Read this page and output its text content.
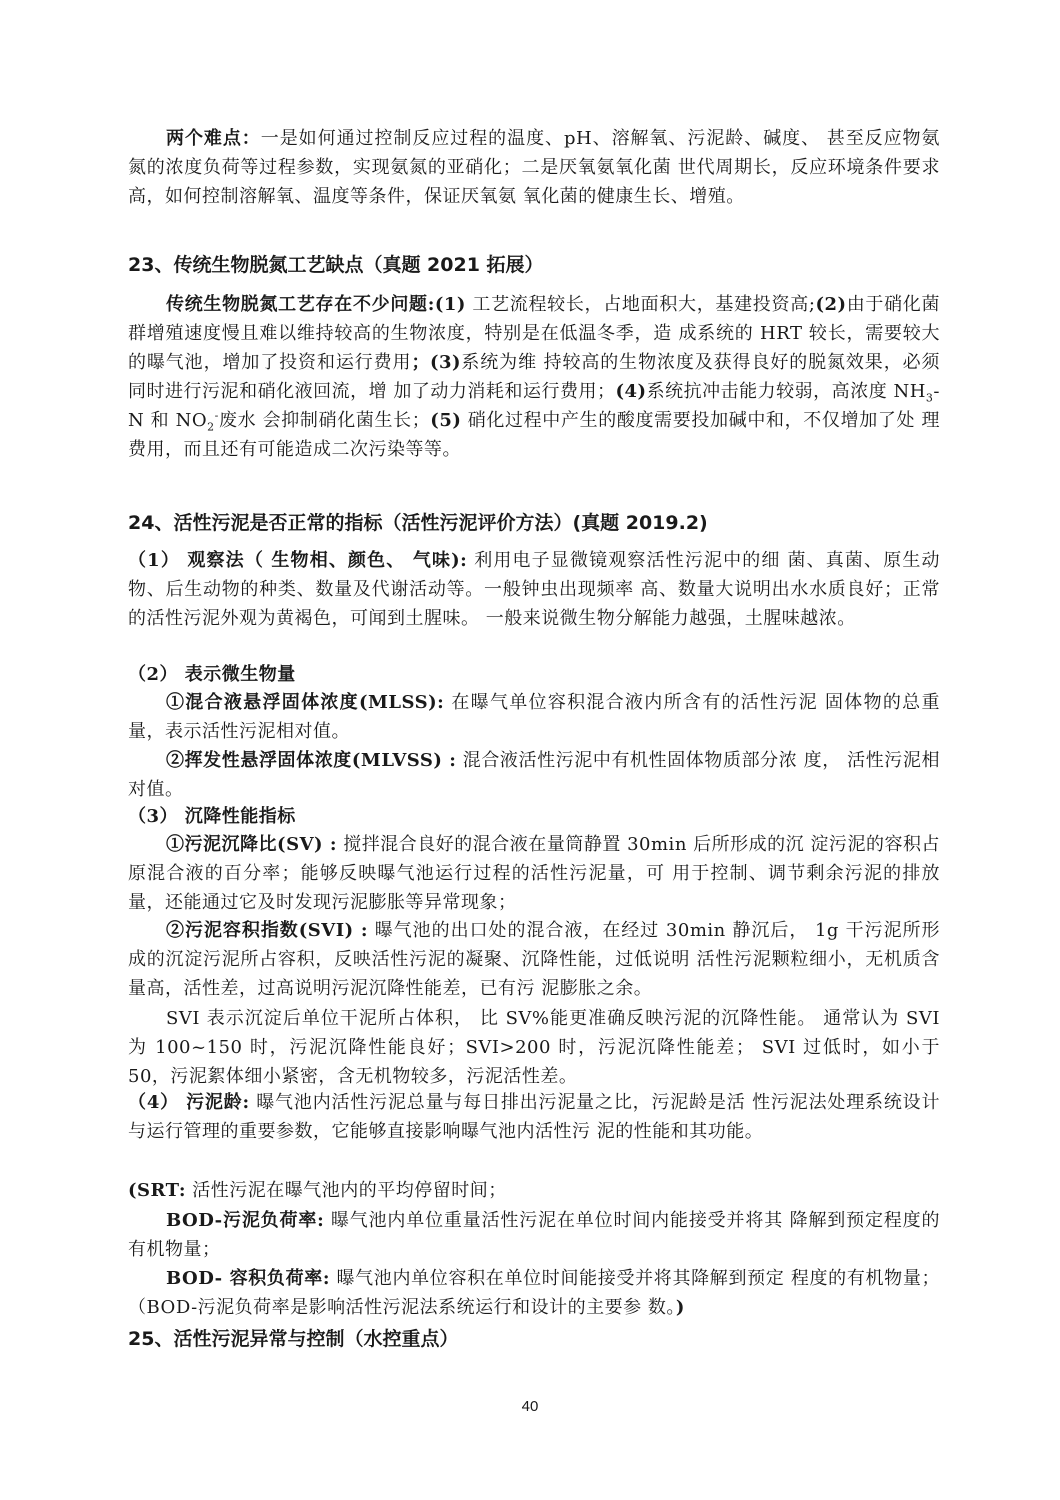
两个难点：一是如何通过控制反应过程的温度、pH、溶解氧、污泥龄、碱度、 甚至反应物氨氮的浓度负荷等过程参数，实现氨氮的亚硝化；二是厌氧氨氧化菌 世代周期长，反应环境条件要求高，如何控制溶解氧、温度等条件，保证厌氧氨 氧化菌的健康生长、增殖。
23、传统生物脱氮工艺缺点（真题 2021 拓展）
传统生物脱氮工艺存在不少问题:(1) 工艺流程较长，占地面积大，基建投资高;(2)由于硝化菌群增殖速度慢且难以维持较高的生物浓度，特别是在低温冬季，造 成系统的 HRT 较长，需要较大的曝气池，增加了投资和运行费用；(3)系统为维 持较高的生物浓度及获得良好的脱氮效果，必须同时进行污泥和硝化液回流，增 加了动力消耗和运行费用；(4)系统抗冲击能力较弱，高浓度 $NH_3-N$ 和 $NO_2^-$废水 会抑制硝化菌生长；(5) 硝化过程中产生的酸度需要投加碱中和，不仅增加了处 理费用，而且还有可能造成二次污染等等。
24、活性污泥是否正常的指标（活性污泥评价方法）(真题 2019.2)
（1） 观察法（ 生物相、颜色、 气味): 利用电子显微镜观察活性污泥中的细 菌、真菌、原生动物、后生动物的种类、数量及代谢活动等。一般钟虫出现频率 高、数量大说明出水水质良好；正常的活性污泥外观为黄褐色，可闻到土腥味。 一般来说微生物分解能力越强，土腥味越浓。
（2） 表示微生物量
①混合液悬浮固体浓度(MLSS): 在曝气单位容积混合液内所含有的活性污泥 固体物的总重量，表示活性污泥相对值。
②挥发性悬浮固体浓度(MLVSS) : 混合液活性污泥中有机性固体物质部分浓 度， 活性污泥相对值。
（3） 沉降性能指标
①污泥沉降比(SV) : 搅拌混合良好的混合液在量筒静置 30min 后所形成的沉 淀污泥的容积占原混合液的百分率；能够反映曝气池运行过程的活性污泥量，可 用于控制、调节剩余污泥的排放量，还能通过它及时发现污泥膨胀等异常现象；
②污泥容积指数(SVI) : 曝气池的出口处的混合液，在经过 30min 静沉后， 1g 干污泥所形成的沉淀污泥所占容积，反映活性污泥的凝聚、沉降性能，过低说明 活性污泥颗粒细小，无机质含量高，活性差，过高说明污泥沉降性能差，已有污 泥膨胀之余。
SVI 表示沉淀后单位干泥所占体积， 比 SV%能更准确反映污泥的沉降性能。 通常认为 SVI 为 100~150 时，污泥沉降性能良好；SVI>200 时，污泥沉降性能差； SVI 过低时，如小于 50，污泥絮体细小紧密，含无机物较多，污泥活性差。
（4） 污泥龄: 曝气池内活性污泥总量与每日排出污泥量之比，污泥龄是活 性污泥法处理系统设计与运行管理的重要参数，它能够直接影响曝气池内活性污 泥的性能和其功能。
(SRT: 活性污泥在曝气池内的平均停留时间；
BOD-污泥负荷率: 曝气池内单位重量活性污泥在单位时间内能接受并将其 降解到预定程度的有机物量；
BOD- 容积负荷率: 曝气池内单位容积在单位时间能接受并将其降解到预定 程度的有机物量；（BOD-污泥负荷率是影响活性污泥法系统运行和设计的主要参 数。)
25、活性污泥异常与控制（水控重点）
40
